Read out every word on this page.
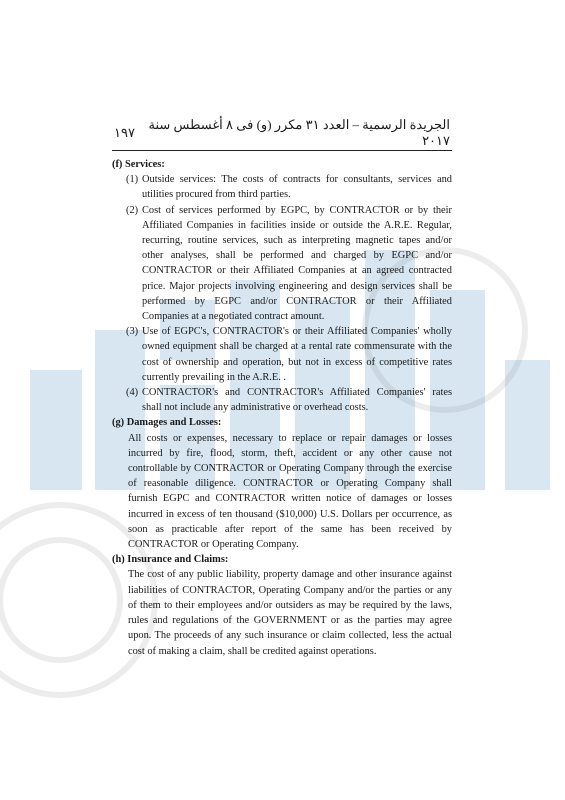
١٩٧
الجريدة الرسمية – العدد ٣١ مكرر (و) فى ٨ أغسطس سنة ٢٠١٧
(f) Services:
(1) Outside services: The costs of contracts for consultants, services and utilities procured from third parties.
(2) Cost of services performed by EGPC, by CONTRACTOR or by their Affiliated Companies in facilities inside or outside the A.R.E. Regular, recurring, routine services, such as interpreting magnetic tapes and/or other analyses, shall be performed and charged by EGPC and/or CONTRACTOR or their Affiliated Companies at an agreed contracted price. Major projects involving engineering and design services shall be performed by EGPC and/or CONTRACTOR or their Affiliated Companies at a negotiated contract amount.
(3) Use of EGPC's, CONTRACTOR's or their Affiliated Companies' wholly owned equipment shall be charged at a rental rate commensurate with the cost of ownership and operation, but not in excess of competitive rates currently prevailing in the A.R.E. .
(4) CONTRACTOR's and CONTRACTOR's Affiliated Companies' rates shall not include any administrative or overhead costs.
(g) Damages and Losses:
All costs or expenses, necessary to replace or repair damages or losses incurred by fire, flood, storm, theft, accident or any other cause not controllable by CONTRACTOR or Operating Company through the exercise of reasonable diligence. CONTRACTOR or Operating Company shall furnish EGPC and CONTRACTOR written notice of damages or losses incurred in excess of ten thousand ($10,000) U.S. Dollars per occurrence, as soon as practicable after report of the same has been received by CONTRACTOR or Operating Company.
(h) Insurance and Claims:
The cost of any public liability, property damage and other insurance against liabilities of CONTRACTOR, Operating Company and/or the parties or any of them to their employees and/or outsiders as may be required by the laws, rules and regulations of the GOVERNMENT or as the parties may agree upon. The proceeds of any such insurance or claim collected, less the actual cost of making a claim, shall be credited against operations.
